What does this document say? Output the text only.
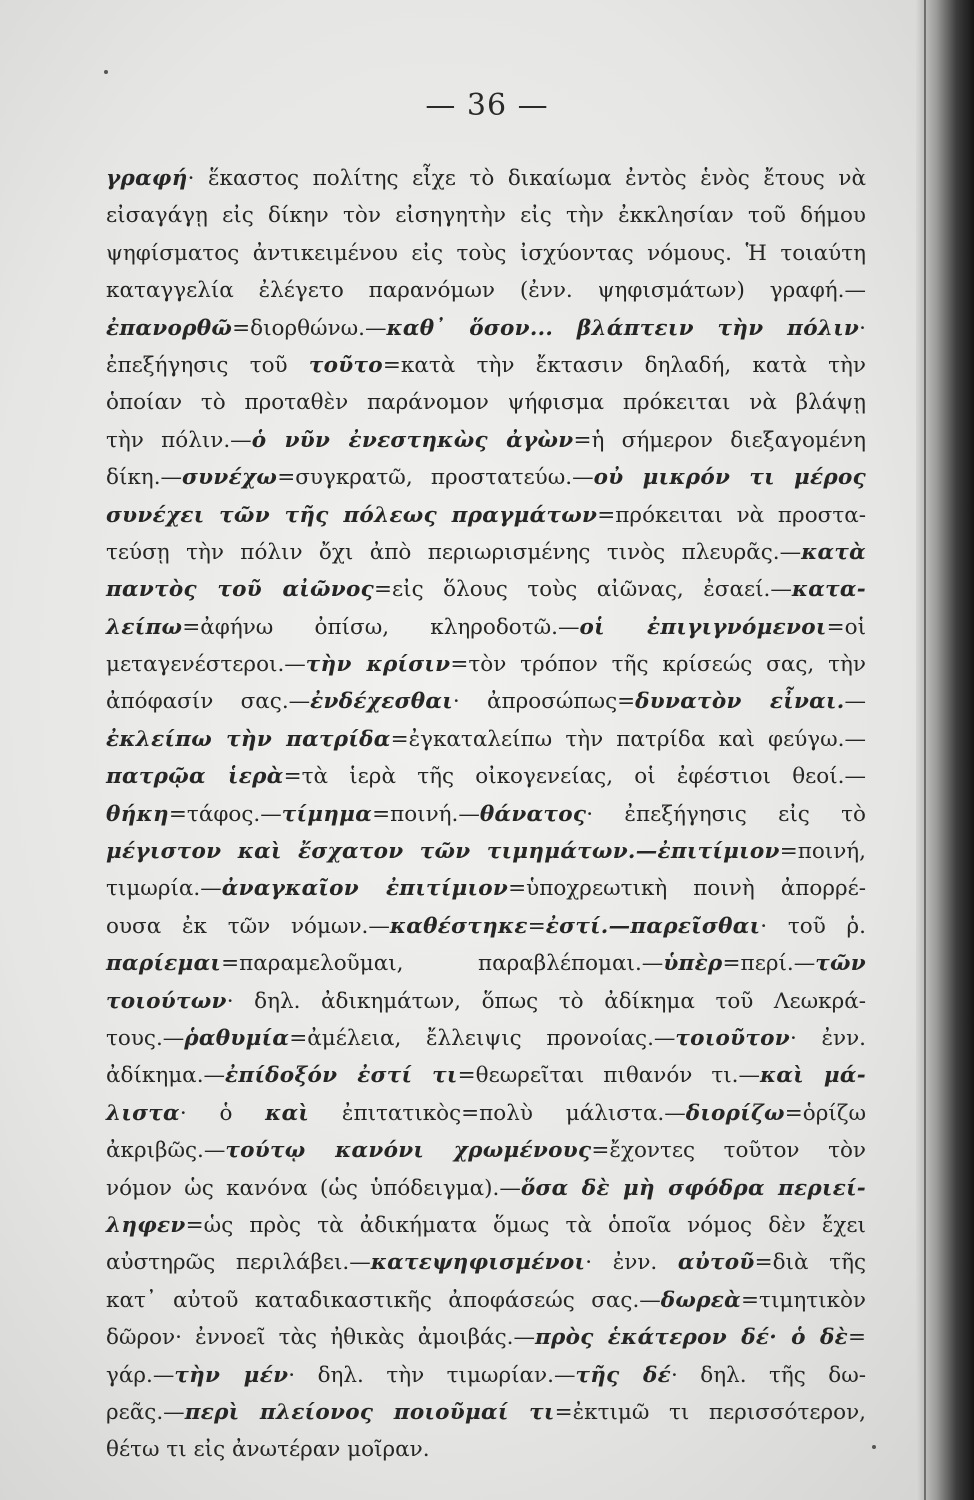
— 36 —
γραφή· ἕκαστος πολίτης εἶχε τὸ δικαίωμα ἐντὸς ἑνὸς ἔτους νὰ
εἰσαγάγῃ εἰς δίκην τὸν εἰσηγητὴν εἰς τὴν ἐκκλησίαν τοῦ δήμου
ψηφίσματος ἀντικειμένου εἰς τοὺς ἰσχύοντας νόμους. Ἡ τοιαύτη
καταγγελία ἐλέγετο παρανόμων (ἐνν. ψηφισμάτων) γραφή.—
ἐπανορθῶ=διορθώνω.—καθ᾽ ὅσον... βλάπτειν τὴν πόλιν·
ἐπεξήγησις τοῦ τοῦτο=κατὰ τὴν ἔκτασιν δηλαδή, κατὰ τὴν
ὁποίαν τὸ προταθὲν παράνομον ψήφισμα πρόκειται νὰ βλάψῃ
τὴν πόλιν.—ὁ νῦν ἐνεστηκὼς ἀγὼν=ἡ σήμερον διεξαγομένη
δίκη.—συνέχω=συγκρατῶ, προστατεύω.—οὐ μικρόν τι μέρος
συνέχει τῶν τῆς πόλεως πραγμάτων=πρόκειται νὰ προστα-
τεύσῃ τὴν πόλιν ὄχι ἀπὸ περιωρισμένης τινὸς πλευρᾶς.—κατὰ
παντὸς τοῦ αἰῶνος=εἰς ὅλους τοὺς αἰῶνας, ἐσαεί.—κατα-
λείπω=ἀφήνω ὀπίσω, κληροδοτῶ.—οἱ ἐπιγιγνόμενοι=οἱ
μεταγενέστεροι.—τὴν κρίσιν=τὸν τρόπον τῆς κρίσεώς σας, τὴν
ἀπόφασίν σας.—ἐνδέχεσθαι· ἀπροσώπως=δυνατὸν εἶναι.—
ἐκλείπω τὴν πατρίδα=ἐγκαταλείπω τὴν πατρίδα καὶ φεύγω.—
πατρῷα ἱερὰ=τὰ ἱερὰ τῆς οἰκογενείας, οἱ ἐφέστιοι θεοί.—
θήκη=τάφος.—τίμημα=ποινή.—θάνατος· ἐπεξήγησις εἰς τὸ
μέγιστον καὶ ἔσχατον τῶν τιμημάτων.—ἐπιτίμιον=ποινή,
τιμωρία.—ἀναγκαῖον ἐπιτίμιον=ὑποχρεωτικὴ ποινὴ ἀπορρέ-
ουσα ἐκ τῶν νόμων.—καθέστηκε=ἐστί.—παρεῖσθαι· τοῦ ῥ.
παρίεμαι=παραμελοῦμαι, παραβλέπομαι.—ὑπὲρ=περί.—τῶν
τοιούτων· δηλ. ἀδικημάτων, ὅπως τὸ ἀδίκημα τοῦ Λεωκρά-
τους.—ῥαθυμία=ἀμέλεια, ἔλλειψις προνοίας.—τοιοῦτον· ἐνν.
ἀδίκημα.—ἐπίδοξόν ἐστί τι=θεωρεῖται πιθανόν τι.—καὶ μά-
λιστα· ὁ καὶ ἐπιτατικὸς=πολὺ μάλιστα.—διορίζω=ὁρίζω
ἀκριβῶς.—τούτῳ κανόνι χρωμένους=ἔχοντες τοῦτον τὸν
νόμον ὡς κανόνα (ὡς ὑπόδειγμα).—ὅσα δὲ μὴ σφόδρα περιεί-
ληφεν=ὡς πρὸς τὰ ἀδικήματα ὅμως τὰ ὁποῖα νόμος δὲν ἔχει
αὐστηρῶς περιλάβει.—κατεψηφισμένοι· ἐνν. αὐτοῦ=διὰ τῆς
κατ᾽ αὐτοῦ καταδικαστικῆς ἀποφάσεώς σας.—δωρεὰ=τιμητικὸν
δῶρον· ἐννοεῖ τὰς ἠθικὰς ἀμοιβάς.—πρὸς ἑκάτερον δέ· ὁ δὲ=
γάρ.—τὴν μέν· δηλ. τὴν τιμωρίαν.—τῆς δέ· δηλ. τῆς δω-
ρεᾶς.—περὶ πλείονος ποιοῦμαί τι=ἐκτιμῶ τι περισσότερον,
θέτω τι εἰς ἀνωτέραν μοῖραν.
